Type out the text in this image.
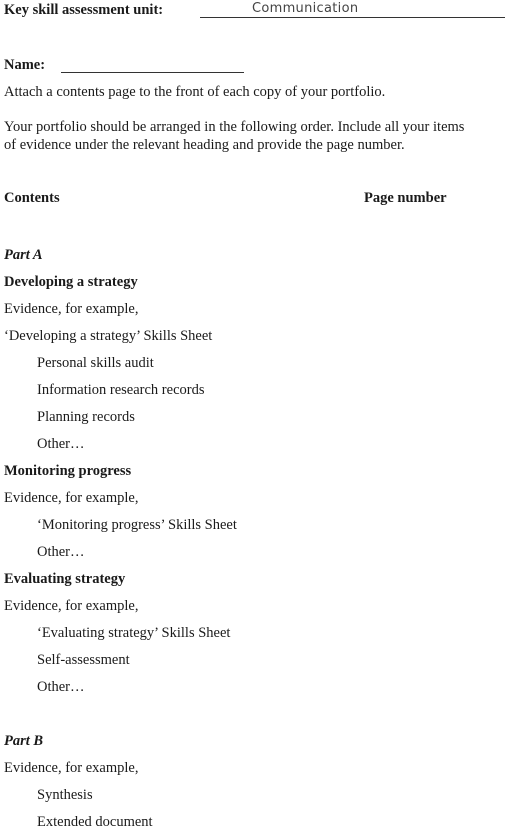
Key skill assessment unit:	Communication
Name:
Attach a contents page to the front of each copy of your portfolio.
Your portfolio should be arranged in the following order. Include all your items
of evidence under the relevant heading and provide the page number.
Contents	Page number
Part A
Developing a strategy
Evidence, for example,
‘Developing a strategy’ Skills Sheet
Personal skills audit
Information research records
Planning records
Other…
Monitoring progress
Evidence, for example,
‘Monitoring progress’ Skills Sheet
Other…
Evaluating strategy
Evidence, for example,
‘Evaluating strategy’ Skills Sheet
Self-assessment
Other…
Part B
Evidence, for example,
Synthesis
Extended document
